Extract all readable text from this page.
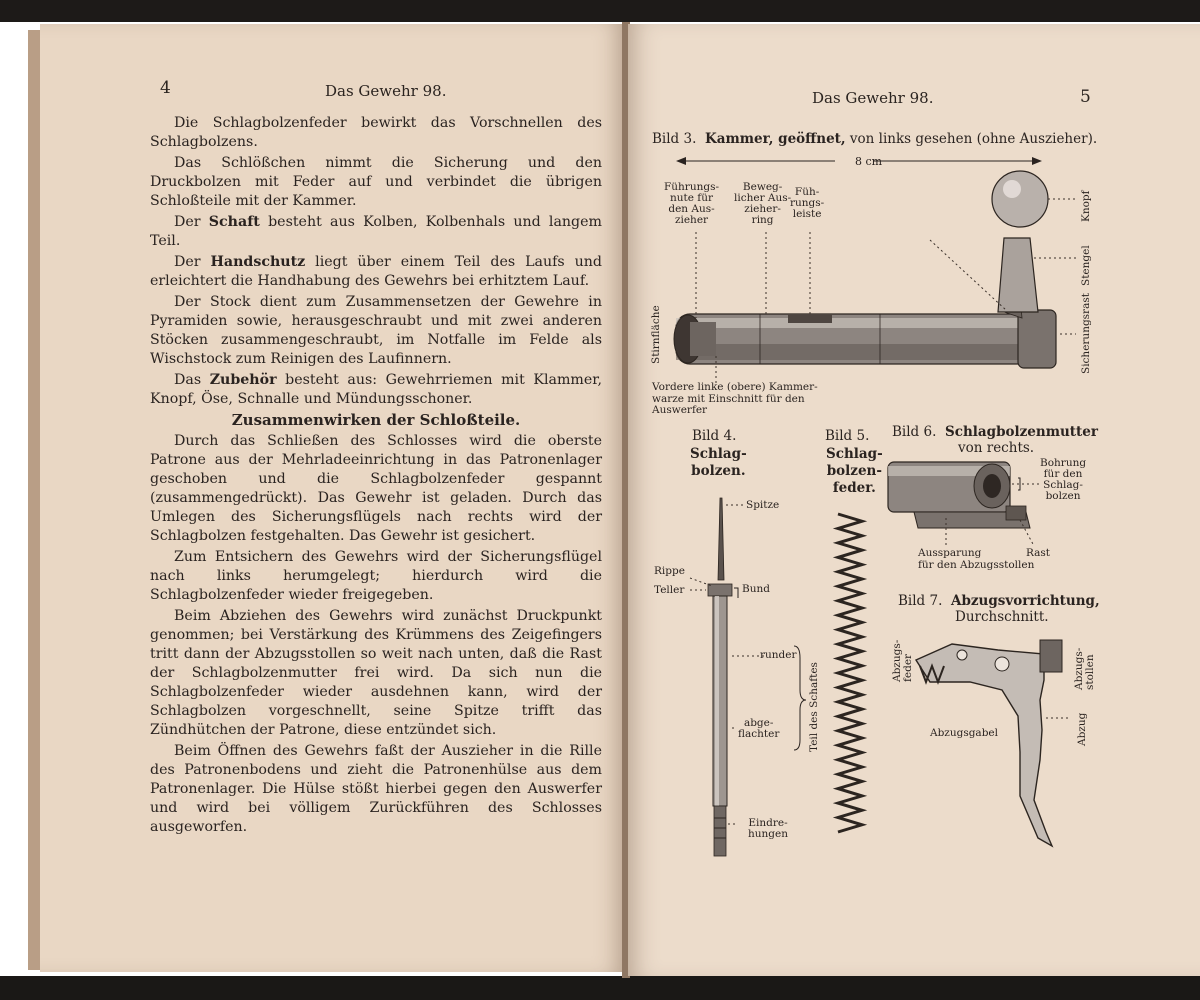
4	Das Gewehr 98.

Die Schlagbolzenfeder bewirkt das Vorschnellen des Schlagbolzens.

Das Schlößchen nimmt die Sicherung und den Druckbolzen mit Feder auf und verbindet die übrigen Schloßteile mit der Kammer.

Der Schaft besteht aus Kolben, Kolbenhals und langem Teil.

Der Handschutz liegt über einem Teil des Laufs und erleichtert die Handhabung des Gewehrs bei erhitztem Lauf.

Der Stock dient zum Zusammensetzen der Gewehre in Pyramiden sowie, herausgeschraubt und mit zwei anderen Stöcken zusammengeschraubt, im Notfalle im Felde als Wischstock zum Reinigen des Laufinnern.

Das Zubehör besteht aus: Gewehrriemen mit Klammer, Knopf, Öse, Schnalle und Mündungsschoner.

Zusammenwirken der Schloßteile.

Durch das Schließen des Schlosses wird die oberste Patrone aus der Mehrladeeinrichtung in das Patronenlager geschoben und die Schlagbolzenfeder gespannt (zusammengedrückt). Das Gewehr ist geladen. Durch das Umlegen des Sicherungsflügels nach rechts wird der Schlagbolzen festgehalten. Das Gewehr ist gesichert.

Zum Entsichern des Gewehrs wird der Sicherungsflügel nach links herumgelegt; hierdurch wird die Schlagbolzenfeder wieder freigegeben.

Beim Abziehen des Gewehrs wird zunächst Druckpunkt genommen; bei Verstärkung des Krümmens des Zeigefingers tritt dann der Abzugsstollen so weit nach unten, daß die Rast der Schlagbolzenmutter frei wird. Da sich nun die Schlagbolzenfeder wieder ausdehnen kann, wird der Schlagbolzen vorgeschnellt, seine Spitze trifft das Zündhütchen der Patrone, diese entzündet sich.

Beim Öffnen des Gewehrs faßt der Auszieher in die Rille des Patronenbodens und zieht die Patronenhülse aus dem Patronenlager. Die Hülse stößt hierbei gegen den Auswerfer und wird bei völligem Zurückführen des Schlosses ausgeworfen.

Das Gewehr 98.	5
Bild 3. Kammer, geöffnet, von links gesehen (ohne Auszieher).
8 cm
Führungs-
nute für
den Aus-
zieher
Beweg-
licher Aus-
zieher-
ring
Füh-
rungs-
leiste	Knopf
Stengel
Sicherungsrast
Stirnfläche
Vordere linke (obere) Kammer-
warze mit Einschnitt für den
Auswerfer
Bild 4.
Schlag-
bolzen.
Spitze
Rippe
Teller	Bund
runder
abge-
flachter	Teil des Schaftes
Eindre-
hungen
Bild 5.
Schlag-
bolzen-
feder.
Bild 6. Schlagbolzenmutter
von rechts.
Bohrung
für den
Schlag-
bolzen
Aussparung
für den Abzugsstollen
Rast
Bild 7. Abzugsvorrichtung,
Durchschnitt.
Abzugs-
feder	Abzugs-
stollen
Abzugsgabel	Abzug
